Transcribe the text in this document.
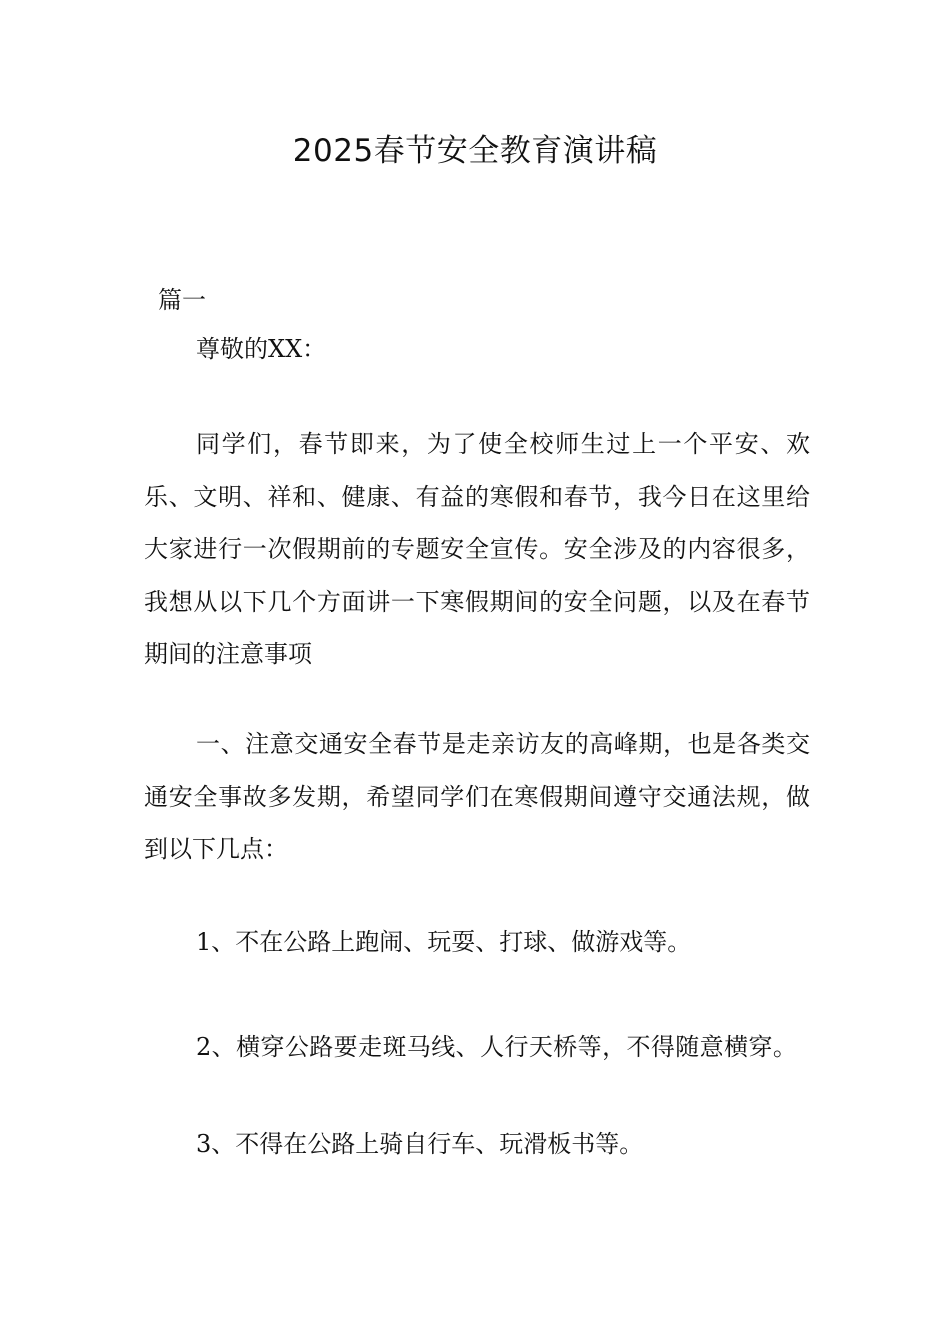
2025春节安全教育演讲稿
篇一
尊敬的XX：

同学们，春节即来，为了使全校师生过上一个平安、欢乐、文明、祥和、健康、有益的寒假和春节，我今日在这里给大家进行一次假期前的专题安全宣传。安全涉及的内容很多，我想从以下几个方面讲一下寒假期间的安全问题，以及在春节期间的注意事项

一、注意交通安全春节是走亲访友的高峰期，也是各类交通安全事故多发期，希望同学们在寒假期间遵守交通法规，做到以下几点：

1、不在公路上跑闹、玩耍、打球、做游戏等。
2、横穿公路要走斑马线、人行天桥等，不得随意横穿。
3、不得在公路上骑自行车、玩滑板书等。
